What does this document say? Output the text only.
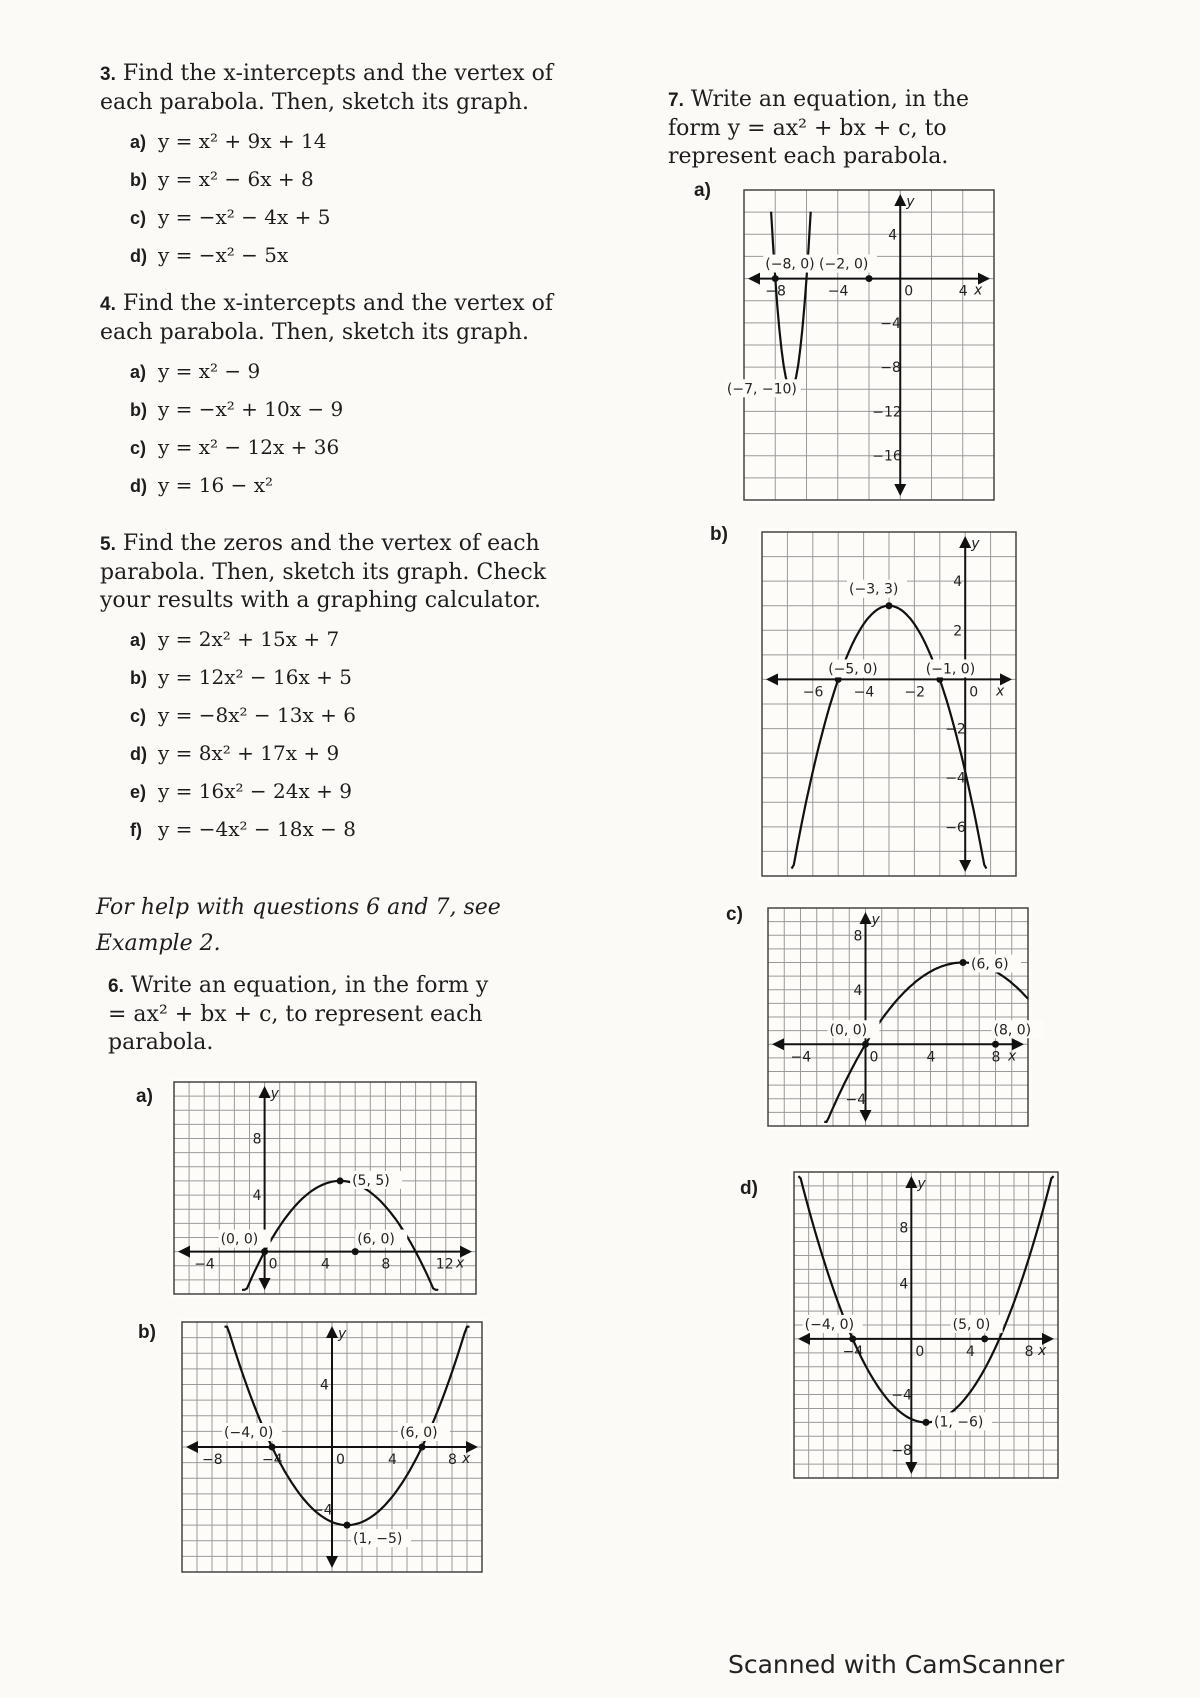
3. Find the x-intercepts and the vertex of each parabola. Then, sketch its graph.

a) y = x² + 9x + 14
b) y = x² − 6x + 8
c) y = −x² − 4x + 5
d) y = −x² − 5x

4. Find the x-intercepts and the vertex of each parabola. Then, sketch its graph.

a) y = x² − 9
b) y = −x² + 10x − 9
c) y = x² − 12x + 36
d) y = 16 − x²

5. Find the zeros and the vertex of each parabola. Then, sketch its graph. Check your results with a graphing calculator.

a) y = 2x² + 15x + 7
b) y = 12x² − 16x + 5
c) y = −8x² − 13x + 6
d) y = 8x² + 17x + 9
e) y = 16x² − 24x + 9
f) y = −4x² − 18x − 8

For help with questions 6 and 7, see Example 2.

6. Write an equation, in the form y = ax² + bx + c, to represent each parabola.

7. Write an equation, in the form y = ax² + bx + c, to represent each parabola.

a)
b)
a)
b)
c)
d)
x
y
−4	0	4	8	12
4
8
(0, 0)	(6, 0)
(5, 5)
x
y
−8	−4	0	4	8
4
−4
(−4, 0)	(6, 0)
(1, −5)
x
y
−8	−4	0	4
4
−4
−8
−12
−16
(−8, 0) (−2, 0)
(−7, −10)
x
y
−6 −4 −2	0
4
2
−2
−4
−6
(−5, 0)	(−1, 0)
(−3, 3)
x
y
−4	0	4	8
8
4
−4
(0, 0)	(8, 0)
(6, 6)
x
y
−4	0	4	8
8
4
−4
−8
(−4, 0)	(5, 0)
(1, −6)
Scanned with CamScanner
